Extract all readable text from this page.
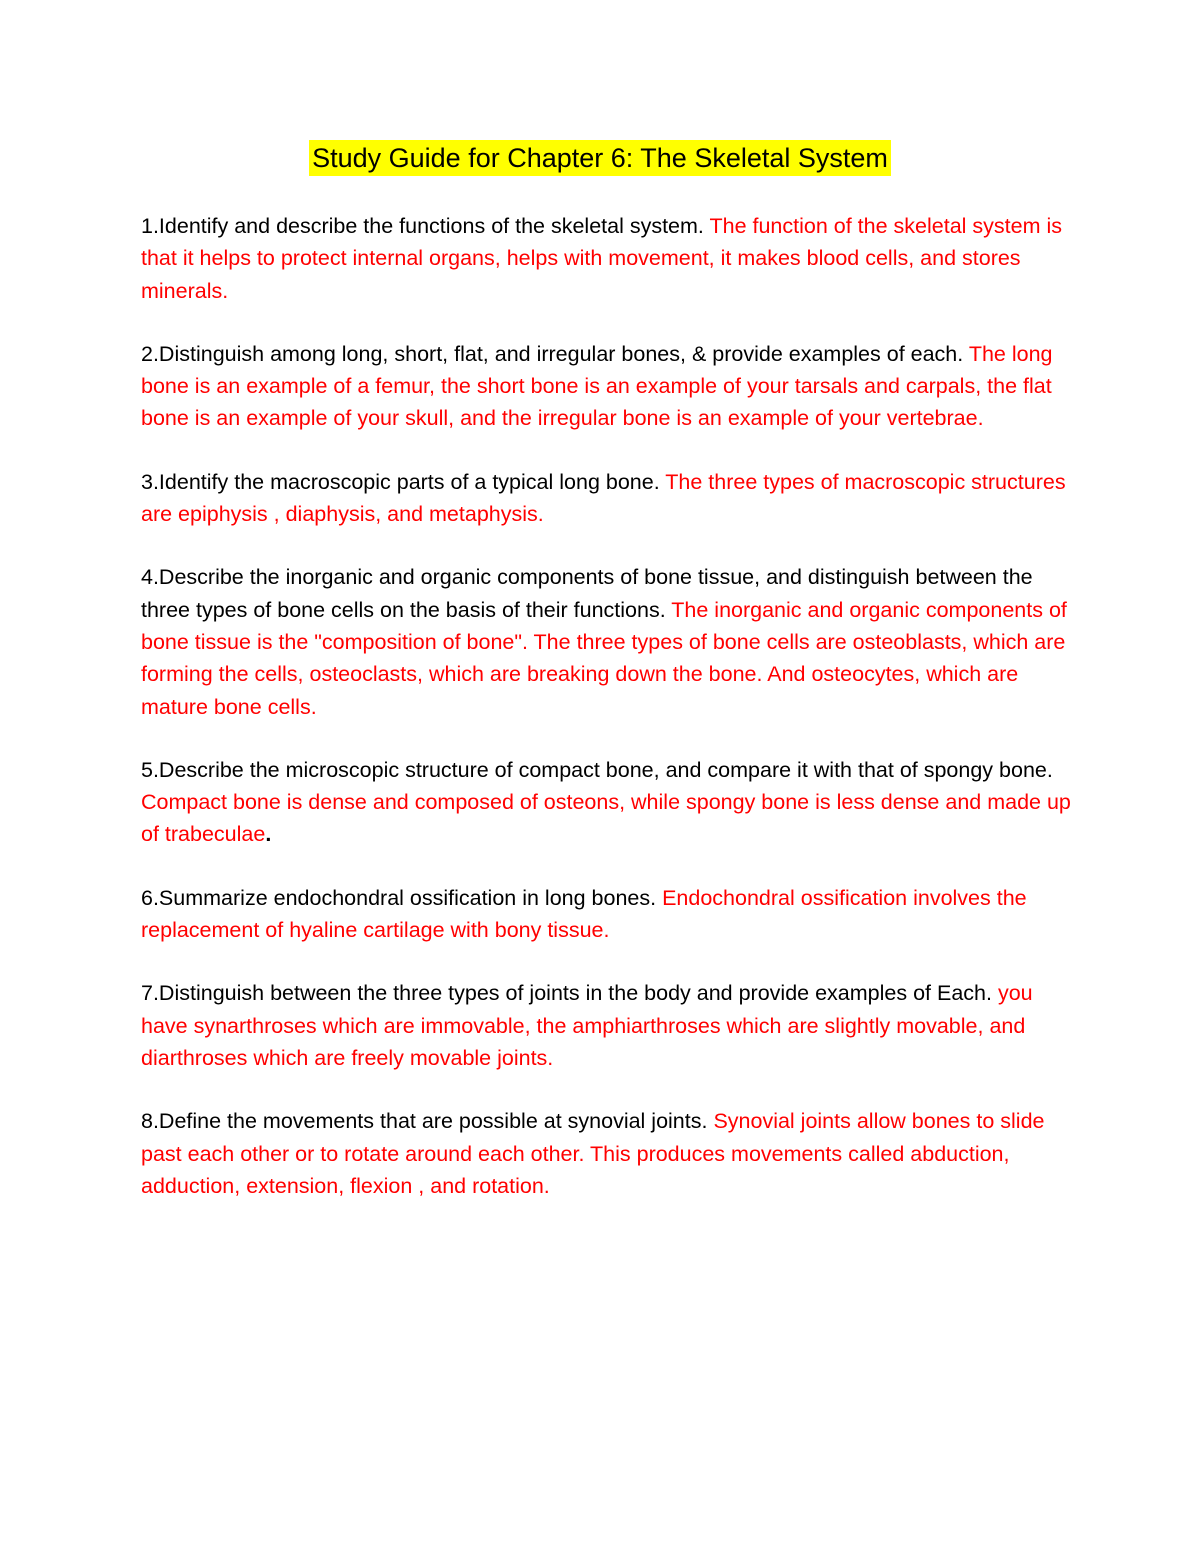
Study Guide for Chapter 6: The Skeletal System

1.Identify and describe the functions of the skeletal system. The function of the skeletal system is that it helps to protect internal organs, helps with movement, it makes blood cells, and stores minerals.

2.Distinguish among long, short, flat, and irregular bones, & provide examples of each. The long bone is an example of a femur, the short bone is an example of your tarsals and carpals, the flat bone is an example of your skull, and the irregular bone is an example of your vertebrae.

3.Identify the macroscopic parts of a typical long bone. The three types of macroscopic structures are epiphysis , diaphysis, and metaphysis.

4.Describe the inorganic and organic components of bone tissue, and distinguish between the three types of bone cells on the basis of their functions. The inorganic and organic components of bone tissue is the "composition of bone". The three types of bone cells are osteoblasts, which are forming the cells, osteoclasts, which are breaking down the bone. And osteocytes, which are mature bone cells.

5.Describe the microscopic structure of compact bone, and compare it with that of spongy bone. Compact bone is dense and composed of osteons, while spongy bone is less dense and made up of trabeculae.

6.Summarize endochondral ossification in long bones. Endochondral ossification involves the replacement of hyaline cartilage with bony tissue.

7.Distinguish between the three types of joints in the body and provide examples of Each. you have synarthroses which are immovable, the amphiarthroses which are slightly movable, and diarthroses which are freely movable joints.

8.Define the movements that are possible at synovial joints. Synovial joints allow bones to slide past each other or to rotate around each other. This produces movements called abduction, adduction, extension, flexion , and rotation.
